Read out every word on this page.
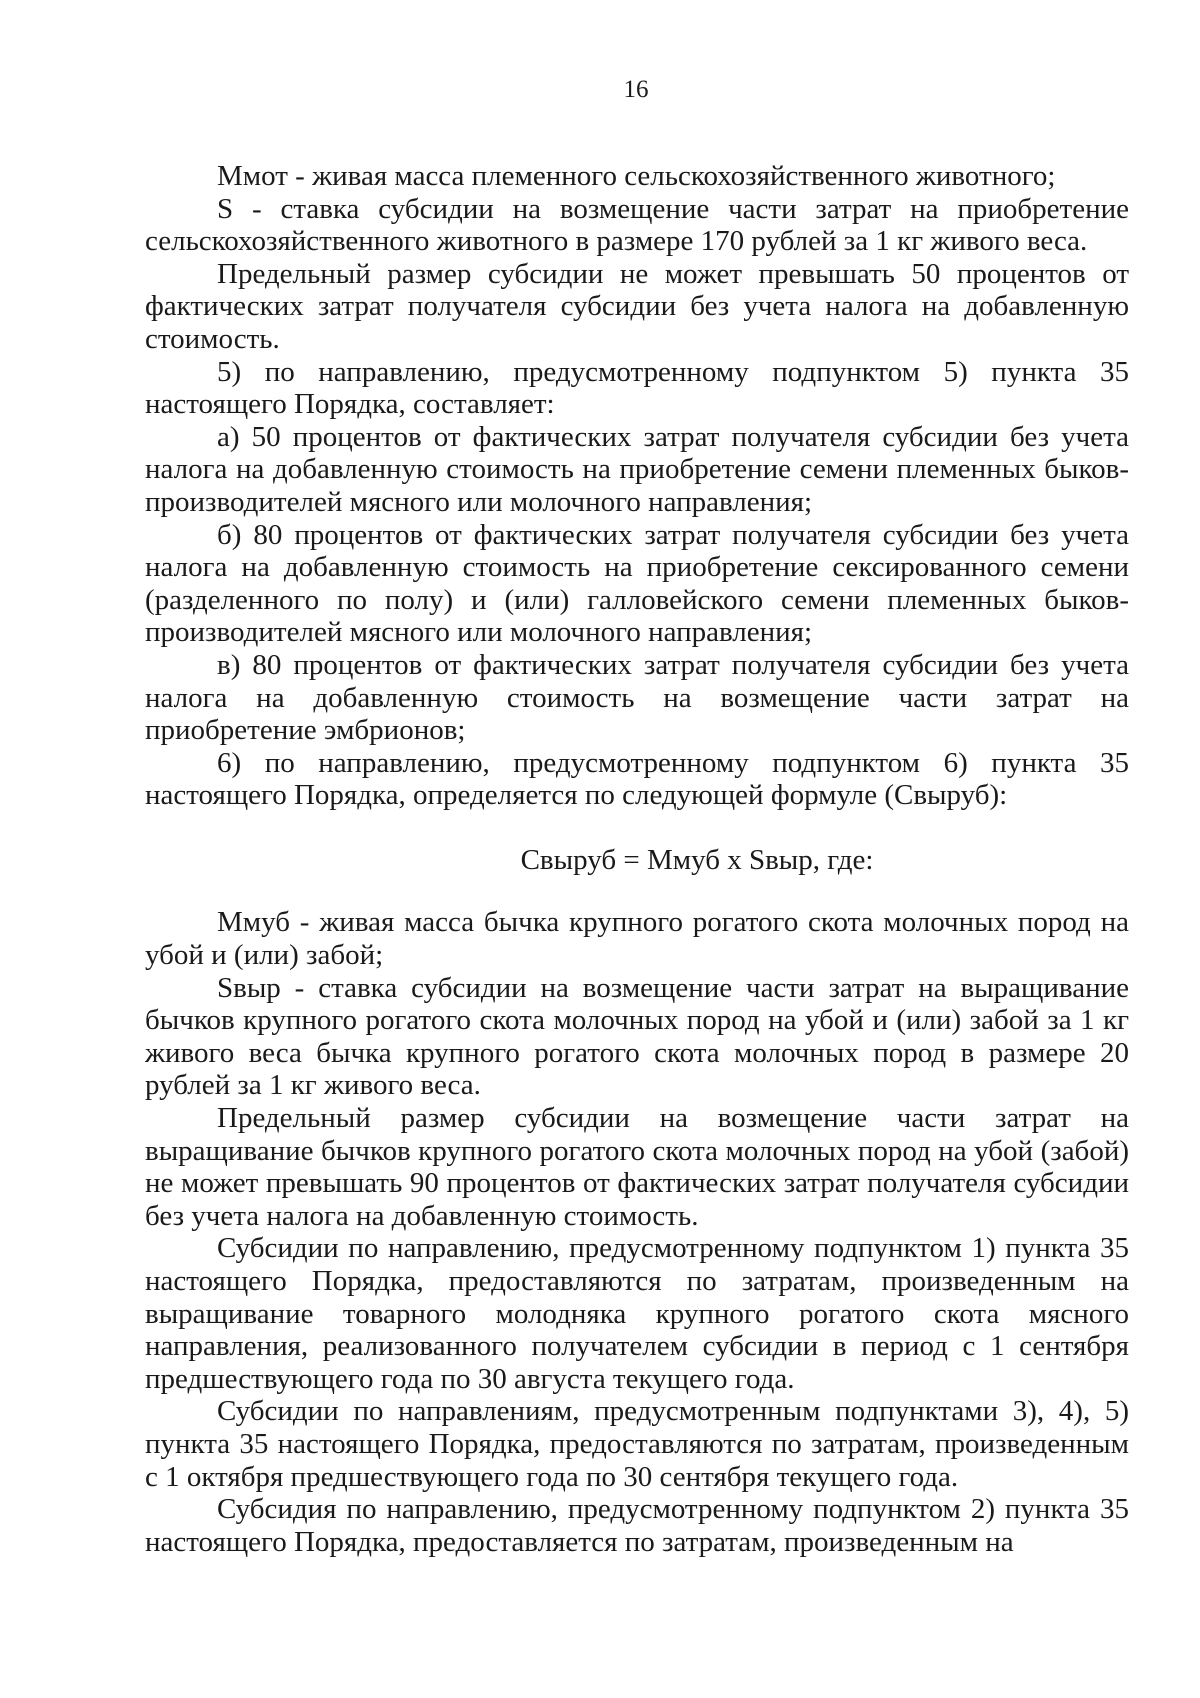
16

Ммот - живая масса племенного сельскохозяйственного животного;

S - ставка субсидии на возмещение части затрат на приобретение сельскохозяйственного животного в размере 170 рублей за 1 кг живого веса.

Предельный размер субсидии не может превышать 50 процентов от фактических затрат получателя субсидии без учета налога на добавленную стоимость.

5) по направлению, предусмотренному подпунктом 5) пункта 35 настоящего Порядка, составляет:

а) 50 процентов от фактических затрат получателя субсидии без учета налога на добавленную стоимость на приобретение семени племенных быков-производителей мясного или молочного направления;

б) 80 процентов от фактических затрат получателя субсидии без учета налога на добавленную стоимость на приобретение сексированного семени (разделенного по полу) и (или) галловейского семени племенных быков-производителей мясного или молочного направления;

в) 80 процентов от фактических затрат получателя субсидии без учета налога на добавленную стоимость на возмещение части затрат на приобретение эмбрионов;

6) по направлению, предусмотренному подпунктом 6) пункта 35 настоящего Порядка, определяется по следующей формуле (Свыруб):

Свыруб = Ммуб x Sвыр, где:

Ммуб - живая масса бычка крупного рогатого скота молочных пород на убой и (или) забой;

Sвыр - ставка субсидии на возмещение части затрат на выращивание бычков крупного рогатого скота молочных пород на убой и (или) забой за 1 кг живого веса бычка крупного рогатого скота молочных пород в размере 20 рублей за 1 кг живого веса.

Предельный размер субсидии на возмещение части затрат на выращивание бычков крупного рогатого скота молочных пород на убой (забой) не может превышать 90 процентов от фактических затрат получателя субсидии без учета налога на добавленную стоимость.

Субсидии по направлению, предусмотренному подпунктом 1) пункта 35 настоящего Порядка, предоставляются по затратам, произведенным на выращивание товарного молодняка крупного рогатого скота мясного направления, реализованного получателем субсидии в период с 1 сентября предшествующего года по 30 августа текущего года.

Субсидии по направлениям, предусмотренным подпунктами 3), 4), 5) пункта 35 настоящего Порядка, предоставляются по затратам, произведенным с 1 октября предшествующего года по 30 сентября текущего года.

Субсидия по направлению, предусмотренному подпунктом 2) пункта 35 настоящего Порядка, предоставляется по затратам, произведенным на
